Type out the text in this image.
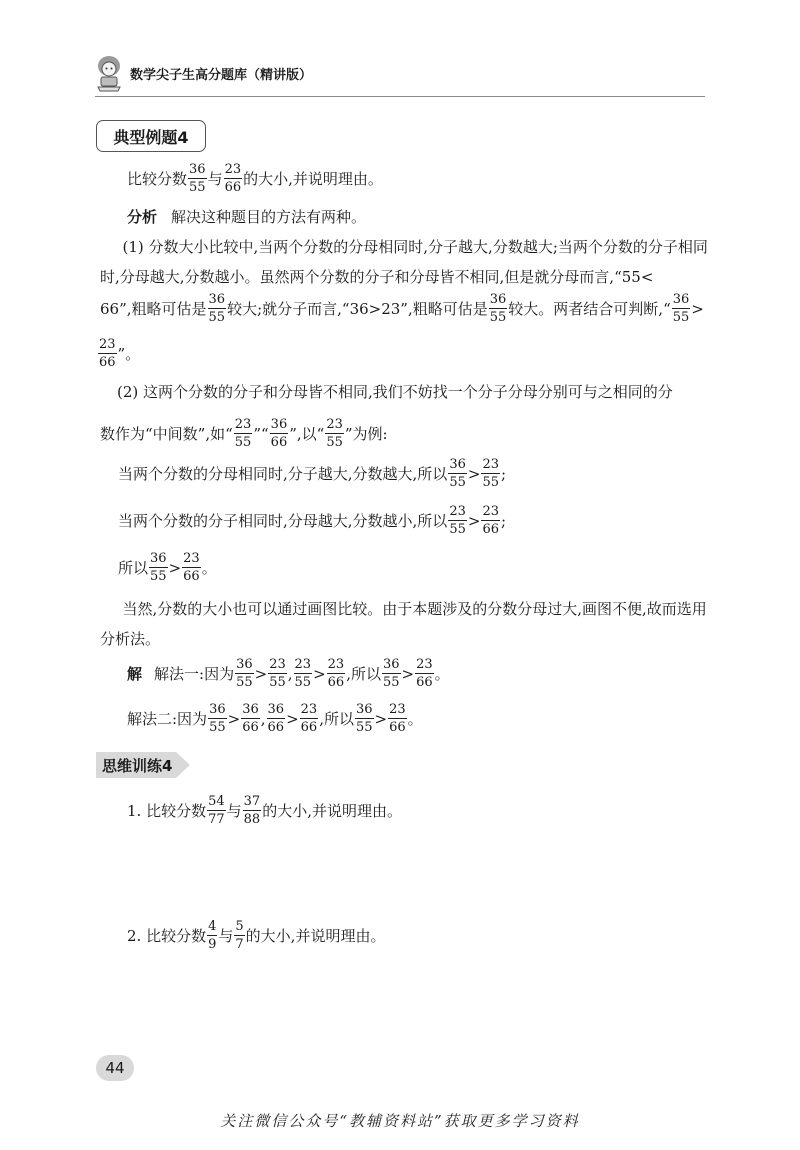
数学尖子生高分题库（精讲版）
典型例题4
比较分数 $\frac{36}{55}$ 与 $\frac{23}{66}$ 的大小,并说明理由。
分析 解决这种题目的方法有两种。
(1) 分数大小比较中,当两个分数的分母相同时,分子越大,分数越大;当两个分数的分子相同时,分母越大,分数越小。虽然两个分数的分子和分母皆不相同,但是就分母而言,“55<
66”,粗略可估是 $\frac{36}{55}$ 较大;就分子而言,“36>23”,粗略可估是 $\frac{36}{55}$ 较大。两者结合可判断,“ $\frac{36}{55}$ >
$\frac{23}{66}$ ”。
(2) 这两个分数的分子和分母皆不相同,我们不妨找一个分子分母分别可与之相同的分
数作为“中间数”,如“ $\frac{23}{55}$ ”“ $\frac{36}{66}$ ”,以“ $\frac{23}{55}$ ”为例:
当两个分数的分母相同时,分子越大,分数越大,所以 $\frac{36}{55} > \frac{23}{55}$ ;
当两个分数的分子相同时,分母越大,分数越小,所以 $\frac{23}{55} > \frac{23}{66}$ ;
所以 $\frac{36}{55} > \frac{23}{66}$ 。
当然,分数的大小也可以通过画图比较。由于本题涉及的分数分母过大,画图不便,故而选用分析法。
解 解法一:因为 $\frac{36}{55} > \frac{23}{55}$ , $\frac{23}{55} > \frac{23}{66}$ ,所以 $\frac{36}{55} > \frac{23}{66}$ 。
解法二:因为 $\frac{36}{55} > \frac{36}{66}$ , $\frac{36}{66} > \frac{23}{66}$ ,所以 $\frac{36}{55} > \frac{23}{66}$ 。
思维训练4
1. 比较分数 $\frac{54}{77}$ 与 $\frac{37}{88}$ 的大小,并说明理由。
2. 比较分数 $\frac{4}{9}$ 与 $\frac{5}{7}$ 的大小,并说明理由。
44
关注微信公众号“教辅资料站”获取更多学习资料
